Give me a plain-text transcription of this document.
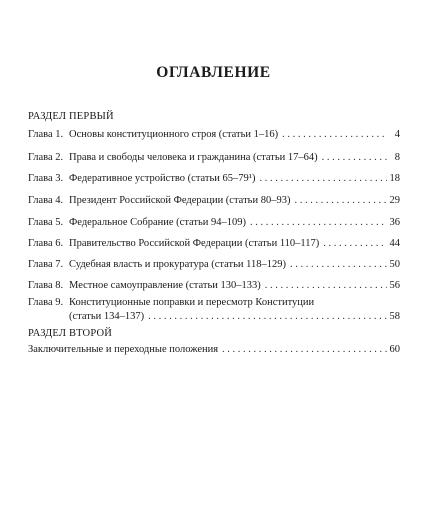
ОГЛАВЛЕНИЕ
РАЗДЕЛ ПЕРВЫЙ
Глава 1. Основы конституционного строя (статьи 1–16) . . .	4
Глава 2. Права и свободы человека и гражданина (статьи 17–64) . . .	8
Глава 3. Федеративное устройство (статьи 65–79¹) . . .	18
Глава 4. Президент Российской Федерации (статьи 80–93) . . .	29
Глава 5. Федеральное Собрание (статьи 94–109) . . .	36
Глава 6. Правительство Российской Федерации (статьи 110–117) . . .	44
Глава 7. Судебная власть и прокуратура (статьи 118–129) . . .	50
Глава 8. Местное самоуправление (статьи 130–133) . . .	56
Глава 9. Конституционные поправки и пересмотр Конституции
(статьи 134–137) . . .	58
РАЗДЕЛ ВТОРОЙ
Заключительные и переходные положения . . .	60
